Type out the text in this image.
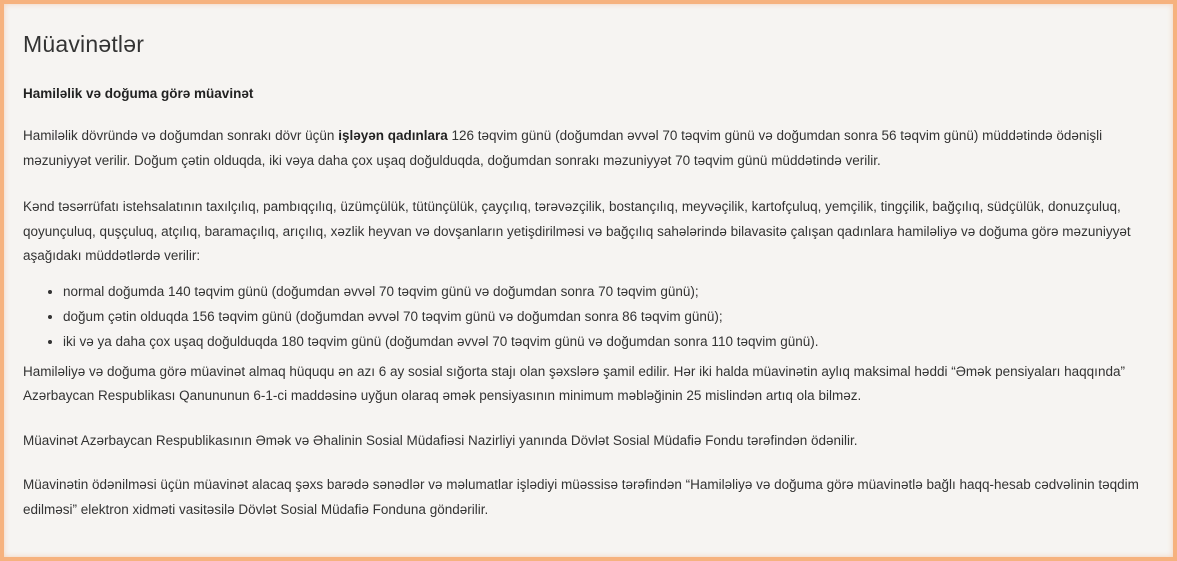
Müavinətlər
Hamiləlik və doğuma görə müavinət

Hamiləlik dövründə və doğumdan sonrakı dövr üçün işləyən qadınlara 126 təqvim günü (doğumdan əvvəl 70 təqvim günü və doğumdan sonra 56 təqvim günü) müddətində ödənişli məzuniyyət verilir. Doğum çətin olduqda, iki vəya daha çox uşaq doğulduqda, doğumdan sonrakı məzuniyyət 70 təqvim günü müddətində verilir.

Kənd təsərrüfatı istehsalatının taxılçılıq, pambıqçılıq, üzümçülük, tütünçülük, çayçılıq, tərəvəzçilik, bostançılıq, meyvəçilik, kartofçuluq, yemçilik, tingçilik, bağçılıq, südçülük, donuzçuluq, qoyunçuluq, quşçuluq, atçılıq, baramaçılıq, arıçılıq, xəzlik heyvan və dovşanların yetişdirilməsi və bağçılıq sahələrində bilavasitə çalışan qadınlara hamiləliyə və doğuma görə məzuniyyət aşağıdakı müddətlərdə verilir:

• normal doğumda 140 təqvim günü (doğumdan əvvəl 70 təqvim günü və doğumdan sonra 70 təqvim günü);
• doğum çətin olduqda 156 təqvim günü (doğumdan əvvəl 70 təqvim günü və doğumdan sonra 86 təqvim günü);
• iki və ya daha çox uşaq doğulduqda 180 təqvim günü (doğumdan əvvəl 70 təqvim günü və doğumdan sonra 110 təqvim günü).

Hamiləliyə və doğuma görə müavinət almaq hüququ ən azı 6 ay sosial sığorta stajı olan şəxslərə şamil edilir. Hər iki halda müavinətin aylıq maksimal həddi “Əmək pensiyaları haqqında” Azərbaycan Respublikası Qanununun 6-1-ci maddəsinə uyğun olaraq əmək pensiyasının minimum məbləğinin 25 mislindən artıq ola bilməz.

Müavinət Azərbaycan Respublikasının Əmək və Əhalinin Sosial Müdafiəsi Nazirliyi yanında Dövlət Sosial Müdafiə Fondu tərəfindən ödənilir.

Müavinətin ödənilməsi üçün müavinət alacaq şəxs barədə sənədlər və məlumatlar işlədiyi müəssisə tərəfindən “Hamiləliyə və doğuma görə müavinətlə bağlı haqq-hesab cədvəlinin təqdim edilməsi” elektron xidməti vasitəsilə Dövlət Sosial Müdafiə Fonduna göndərilir.
